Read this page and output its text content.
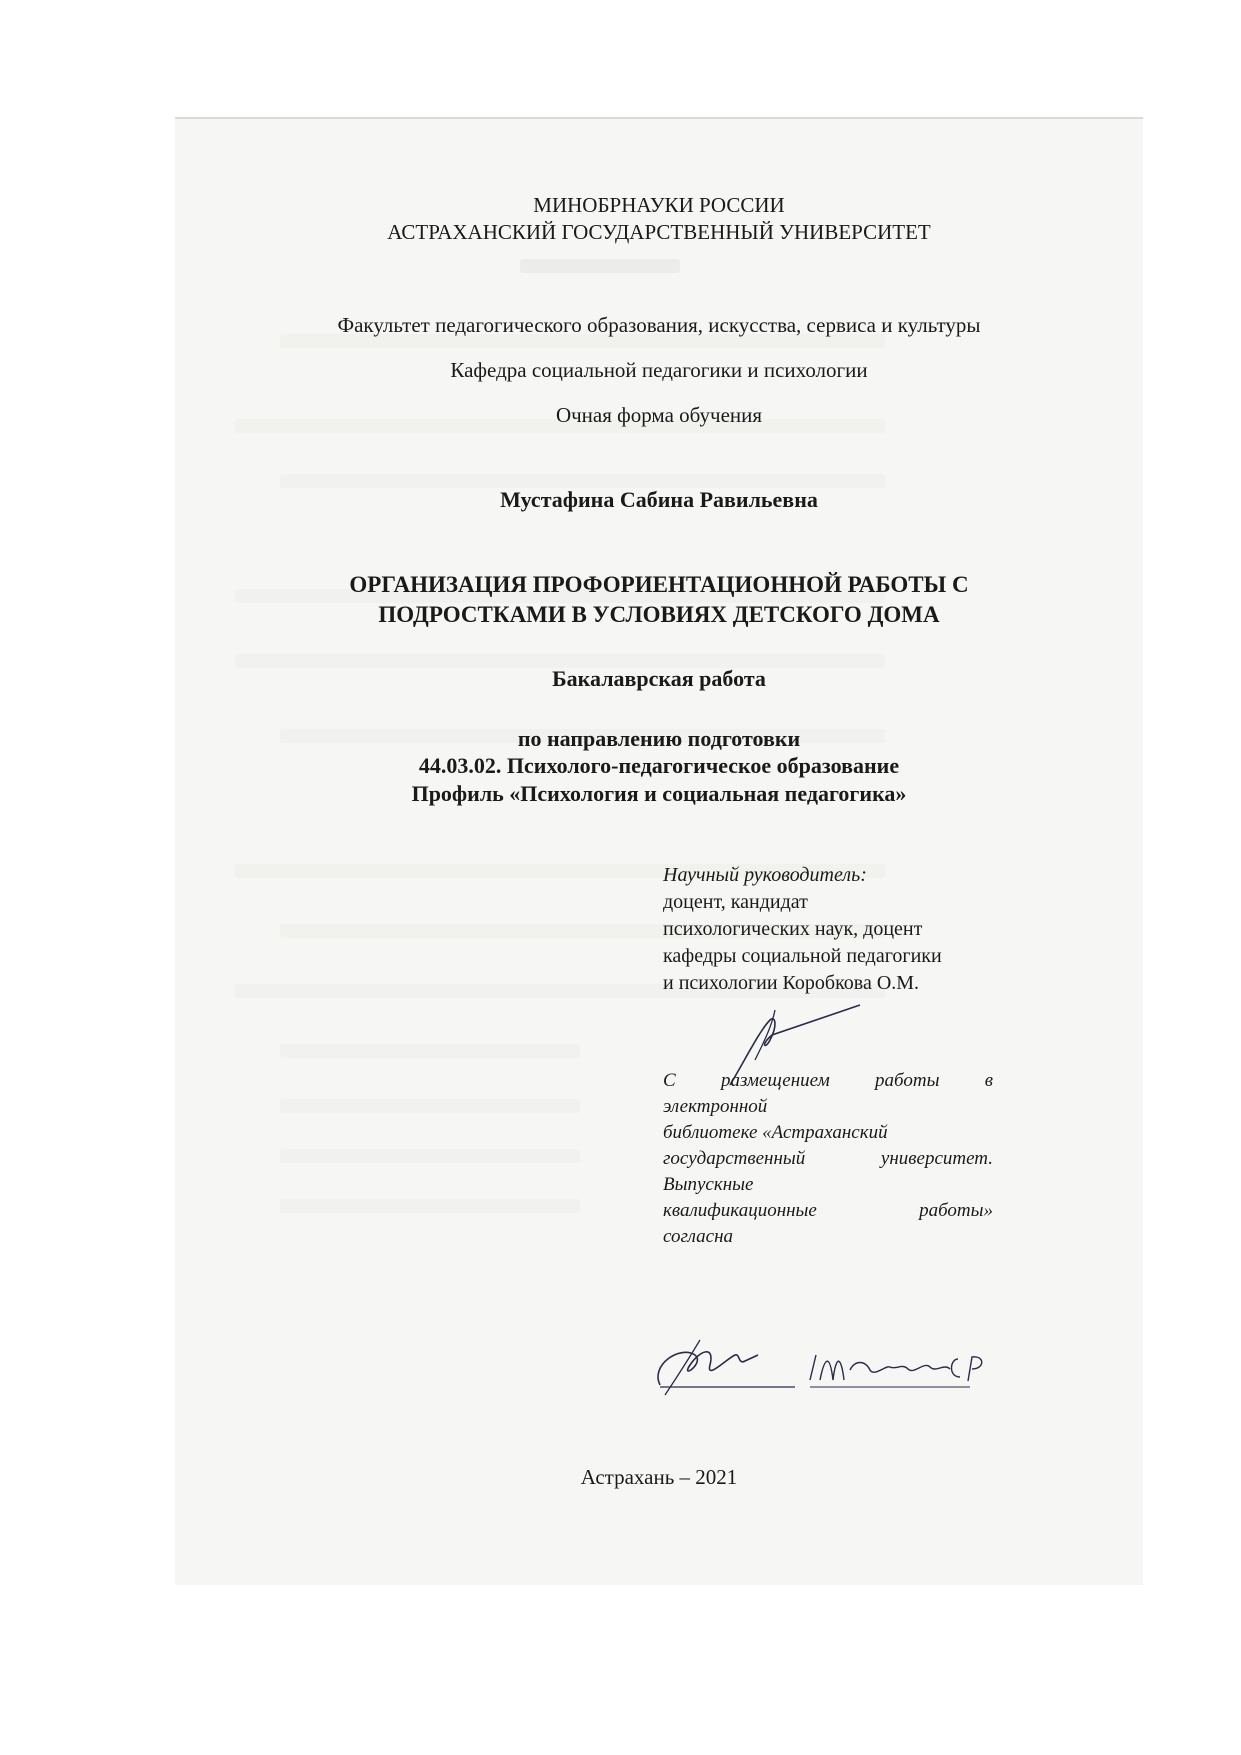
МИНОБРНАУКИ РОССИИ
АСТРАХАНСКИЙ ГОСУДАРСТВЕННЫЙ УНИВЕРСИТЕТ
Факультет педагогического образования, искусства, сервиса и культуры
Кафедра социальной педагогики и психологии
Очная форма обучения
Мустафина Сабина Равильевна
ОРГАНИЗАЦИЯ ПРОФОРИЕНТАЦИОННОЙ РАБОТЫ С
ПОДРОСТКАМИ В УСЛОВИЯХ ДЕТСКОГО ДОМА
Бакалаврская работа
по направлению подготовки
44.03.02. Психолого-педагогическое образование
Профиль «Психология и социальная педагогика»
Научный руководитель:
доцент, кандидат
психологических наук, доцент
кафедры социальной педагогики
и психологии Коробкова О.М.
С размещением работы в
электронной
библиотеке «Астраханский
государственный	университет.
Выпускные
квалификационные	работы»
согласна
Астрахань – 2021
